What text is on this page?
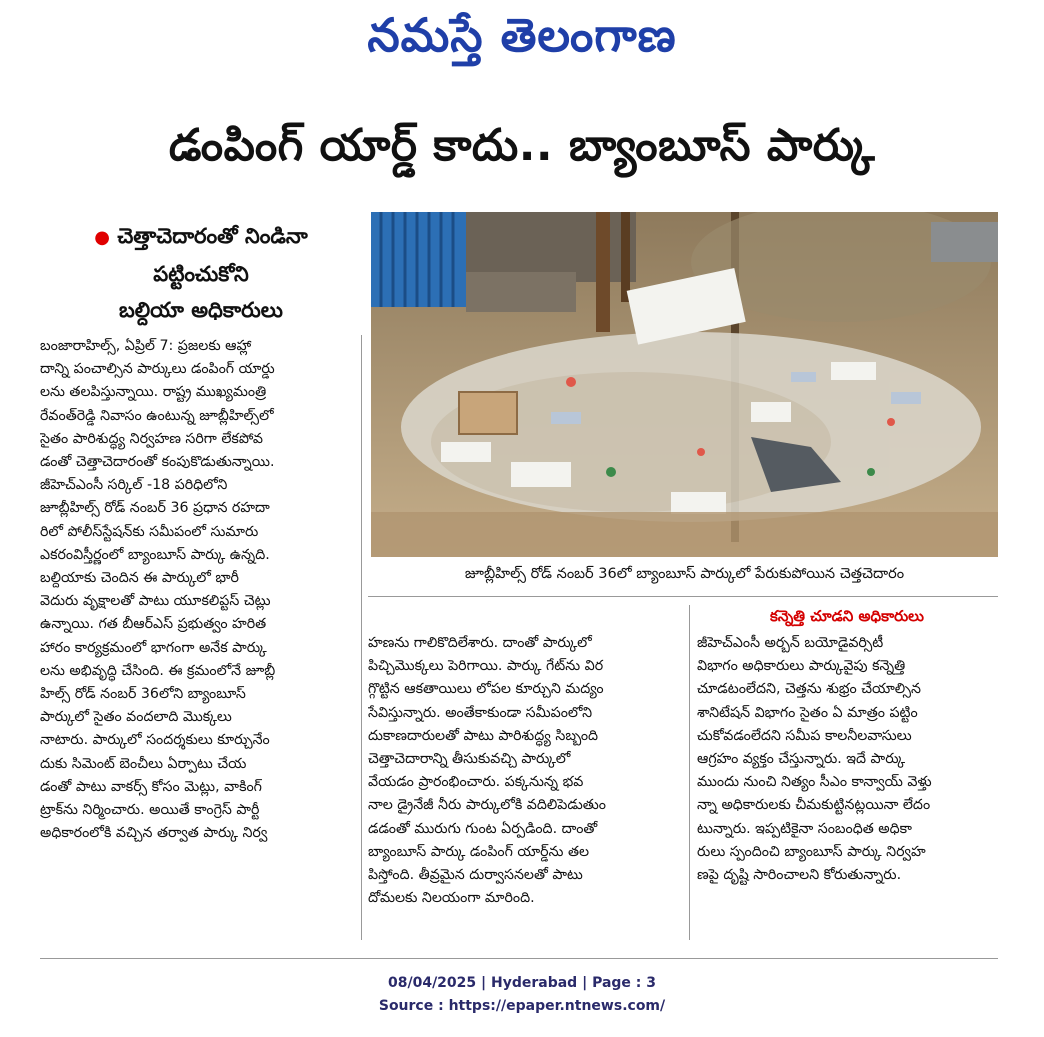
నమస్తే తెలంగాణ
డంపింగ్ యార్డ్ కాదు.. బ్యాంబూస్ పార్కు
● చెత్తాచెదారంతో నిండినా
పట్టించుకోని
బల్దియా అధికారులు
జూబ్లీహిల్స్ రోడ్ నంబర్ 36లో బ్యాంబూస్ పార్కులో పేరుకుపోయిన చెత్తచెదారం
బంజారాహిల్స్, ఏప్రిల్ 7: ప్రజలకు ఆహ్లా
దాన్ని పంచాల్సిన పార్కులు డంపింగ్ యార్డు
లను తలపిస్తున్నాయి. రాష్ట్ర ముఖ్యమంత్రి
రేవంత్‌రెడ్డి నివాసం ఉంటున్న జూబ్లీహిల్స్‌లో
సైతం పారిశుద్ధ్య నిర్వహణ సరిగా లేకపోవ
డంతో చెత్తాచెదారంతో కంపుకొడుతున్నాయి.
జీహెచ్‌ఎంసీ సర్కిల్ -18 పరిధిలోని
జూబ్లీహిల్స్ రోడ్ నంబర్ 36 ప్రధాన రహదా
రిలో పోలీస్‌స్టేషన్‌కు సమీపంలో సుమారు
ఎకరంవిస్తీర్ణంలో బ్యాంబూస్ పార్కు ఉన్నది.
బల్దియాకు చెందిన ఈ పార్కులో భారీ
వెదురు వృక్షాలతో పాటు యూకలిప్టస్ చెట్లు
ఉన్నాయి. గత బీఆర్‌ఎస్ ప్రభుత్వం హరిత
హారం కార్యక్రమంలో భాగంగా అనేక పార్కు
లను అభివృద్ధి చేసింది. ఈ క్రమంలోనే జూబ్లీ
హిల్స్ రోడ్ నంబర్ 36లోని బ్యాంబూస్
పార్కులో సైతం వందలాది మొక్కలు
నాటారు. పార్కులో సందర్శకులు కూర్చునేం
దుకు సిమెంట్ బెంచీలు ఏర్పాటు చేయ
డంతో పాటు వాకర్స్ కోసం మెట్లు, వాకింగ్
ట్రాక్‌ను నిర్మించారు. అయితే కాంగ్రెస్ పార్టీ
అధికారంలోకి వచ్చిన తర్వాత పార్కు నిర్వ
హణను గాలికొదిలేశారు. దాంతో పార్కులో
పిచ్చిమొక్కలు పెరిగాయి. పార్కు గేట్‌ను విర
గ్గొట్టిన ఆకతాయిలు లోపల కూర్చుని మద్యం
సేవిస్తున్నారు. అంతేకాకుండా సమీపంలోని
దుకాణదారులతో పాటు పారిశుద్ధ్య సిబ్బంది
చెత్తాచెదారాన్ని తీసుకువచ్చి పార్కులో
వేయడం ప్రారంభించారు. పక్కనున్న భవ
నాల డ్రైనేజీ నీరు పార్కులోకి వదిలిపెడుతుం
డడంతో మురుగు గుంట ఏర్పడింది. దాంతో
బ్యాంబూస్ పార్కు డంపింగ్ యార్డ్‌ను తల
పిస్తోంది. తీవ్రమైన దుర్వాసనలతో పాటు
దోమలకు నిలయంగా మారింది.
కన్నెత్తి చూడని అధికారులు
జీహెచ్‌ఎంసీ అర్బన్ బయోడైవర్సిటీ
విభాగం అధికారులు పార్కువైపు కన్నెత్తి
చూడటంలేదని, చెత్తను శుభ్రం చేయాల్సిన
శానిటేషన్ విభాగం సైతం ఏ మాత్రం పట్టిం
చుకోవడంలేదని సమీప కాలనీలవాసులు
ఆగ్రహం వ్యక్తం చేస్తున్నారు. ఇదే పార్కు
ముందు నుంచి నిత్యం సీఎం కాన్వాయ్ వెళ్తు
న్నా అధికారులకు చీమకుట్టినట్లయినా లేదం
టున్నారు. ఇప్పటికైనా సంబంధిత అధికా
రులు స్పందించి బ్యాంబూస్ పార్కు నిర్వహ
ణపై దృష్టి సారించాలని కోరుతున్నారు.
08/04/2025 | Hyderabad | Page : 3
Source : https://epaper.ntnews.com/
